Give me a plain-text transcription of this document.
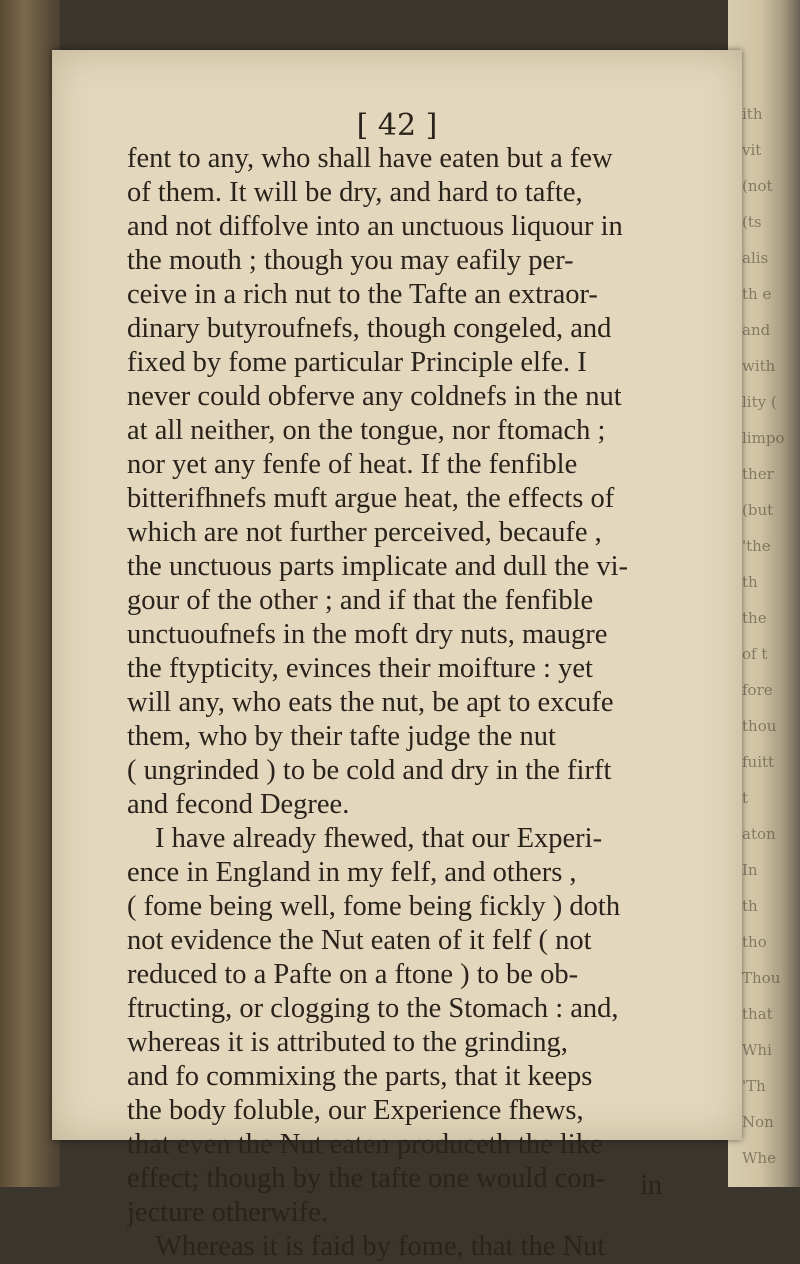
ith
vit
(not
(ts
alis
th e
and
with
lity (
limpo
ther
(but
'the
th
the
of t
fore
thou
fuitt
t
aton
In
th
tho
Thou
that
Whi
'Th
Non
Whe
[ 42 ]
fent to any, who shall have eaten but a few
of them. It will be dry, and hard to tafte,
and not diffolve into an unctuous liquour in
the mouth ; though you may eafily per-
ceive in a rich nut to the Tafte an extraor-
dinary butyroufnefs, though congeled, and
fixed by fome particular Principle elfe. I
never could obferve any coldnefs in the nut
at all neither, on the tongue, nor ftomach ;
nor yet any fenfe of heat. If the fenfible
bitterifhnefs muft argue heat, the effects of
which are not further perceived, becaufe ,
the unctuous parts implicate and dull the vi-
gour of the other ; and if that the fenfible
unctuoufnefs in the moft dry nuts, maugre
the ftypticity, evinces their moifture : yet
will any, who eats the nut, be apt to excufe
them, who by their tafte judge the nut
( ungrinded ) to be cold and dry in the firft
and fecond Degree.
I have already fhewed, that our Experi-
ence in England in my felf, and others ,
( fome being well, fome being fickly ) doth
not evidence the Nut eaten of it felf ( not
reduced to a Pafte on a ftone ) to be ob-
ftructing, or clogging to the Stomach : and,
whereas it is attributed to the grinding,
and fo commixing the parts, that it keeps
the body foluble, our Experience fhews,
that even the Nut eaten produceth the like
effect; though by the tafte one would con-
jecture otherwife.
Whereas it is faid by fome, that the Nut
in
